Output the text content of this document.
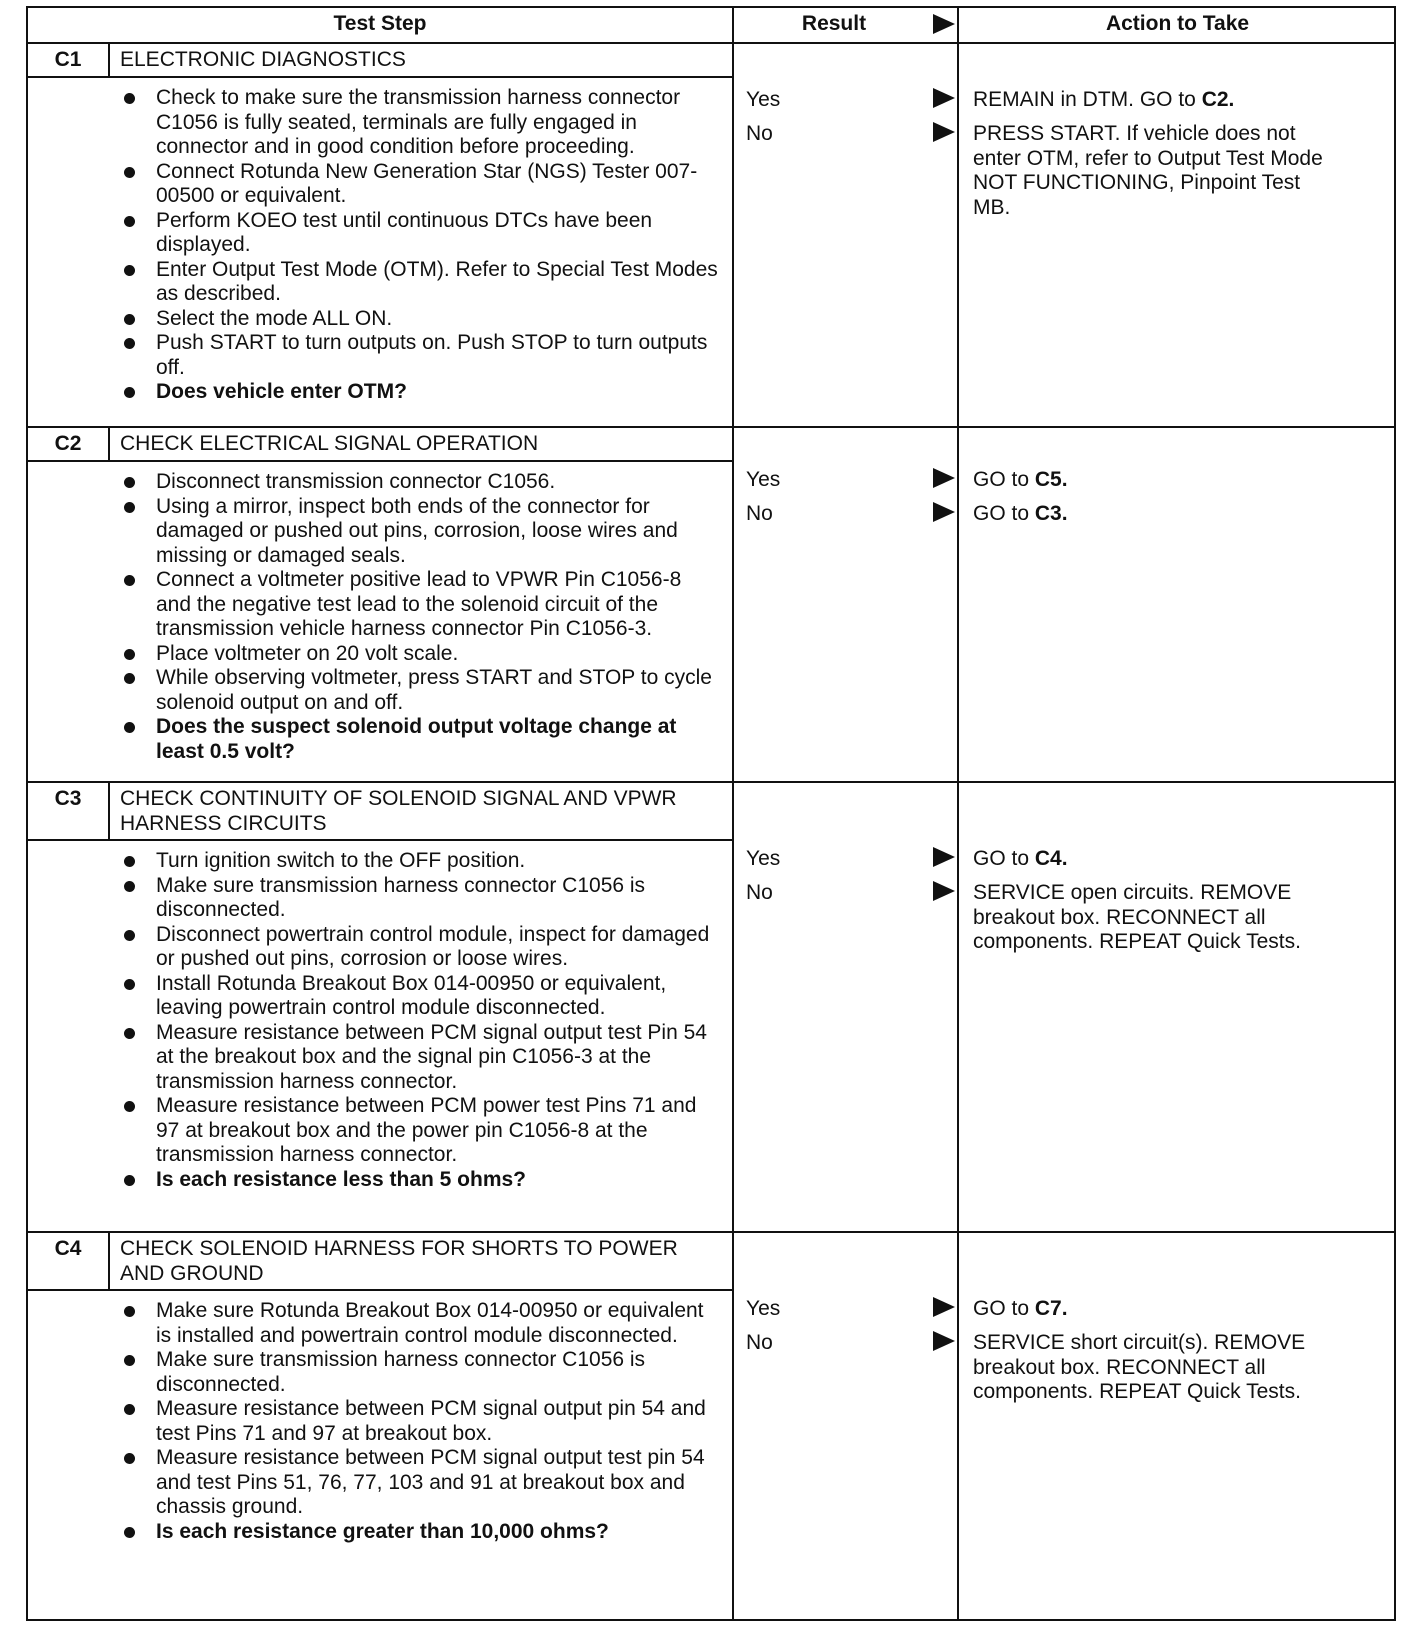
Test Step	Result	Action to Take
C1	ELECTRONIC DIAGNOSTICS
Check to make sure the transmission harness connector C1056 is fully seated, terminals are fully engaged in connector and in good condition before proceeding.
Connect Rotunda New Generation Star (NGS) Tester 007-00500 or equivalent.
Perform KOEO test until continuous DTCs have been displayed.
Enter Output Test Mode (OTM). Refer to Special Test Modes as described.
Select the mode ALL ON.
Push START to turn outputs on. Push STOP to turn outputs off.
Does vehicle enter OTM?
Yes	REMAIN in DTM. GO to C2.
No	PRESS START. If vehicle does not enter OTM, refer to Output Test Mode NOT FUNCTIONING, Pinpoint Test MB.
C2	CHECK ELECTRICAL SIGNAL OPERATION
Disconnect transmission connector C1056.
Using a mirror, inspect both ends of the connector for damaged or pushed out pins, corrosion, loose wires and missing or damaged seals.
Connect a voltmeter positive lead to VPWR Pin C1056-8 and the negative test lead to the solenoid circuit of the transmission vehicle harness connector Pin C1056-3.
Place voltmeter on 20 volt scale.
While observing voltmeter, press START and STOP to cycle solenoid output on and off.
Does the suspect solenoid output voltage change at least 0.5 volt?
Yes	GO to C5.
No	GO to C3.
C3	CHECK CONTINUITY OF SOLENOID SIGNAL AND VPWR HARNESS CIRCUITS
Turn ignition switch to the OFF position.
Make sure transmission harness connector C1056 is disconnected.
Disconnect powertrain control module, inspect for damaged or pushed out pins, corrosion or loose wires.
Install Rotunda Breakout Box 014-00950 or equivalent, leaving powertrain control module disconnected.
Measure resistance between PCM signal output test Pin 54 at the breakout box and the signal pin C1056-3 at the transmission harness connector.
Measure resistance between PCM power test Pins 71 and 97 at breakout box and the power pin C1056-8 at the transmission harness connector.
Is each resistance less than 5 ohms?
Yes	GO to C4.
No	SERVICE open circuits. REMOVE breakout box. RECONNECT all components. REPEAT Quick Tests.
C4	CHECK SOLENOID HARNESS FOR SHORTS TO POWER AND GROUND
Make sure Rotunda Breakout Box 014-00950 or equivalent is installed and powertrain control module disconnected.
Make sure transmission harness connector C1056 is disconnected.
Measure resistance between PCM signal output pin 54 and test Pins 71 and 97 at breakout box.
Measure resistance between PCM signal output test pin 54 and test Pins 51, 76, 77, 103 and 91 at breakout box and chassis ground.
Is each resistance greater than 10,000 ohms?
Yes	GO to C7.
No	SERVICE short circuit(s). REMOVE breakout box. RECONNECT all components. REPEAT Quick Tests.
